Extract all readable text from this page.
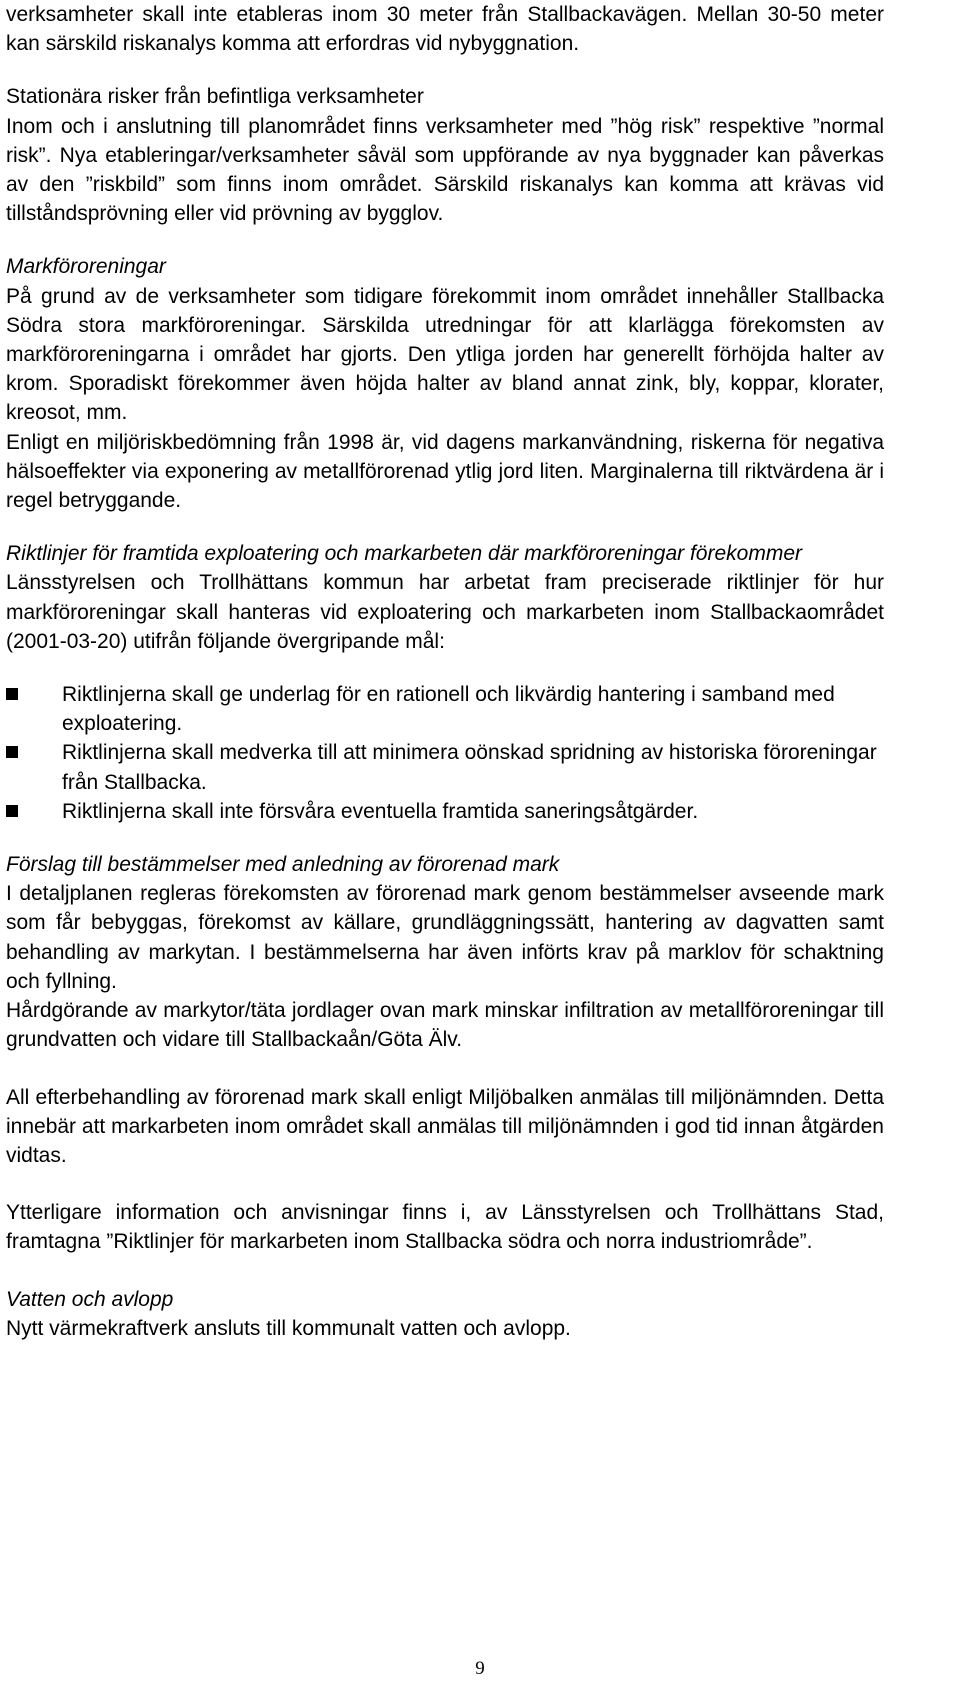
verksamheter skall inte etableras inom 30 meter från Stallbackavägen. Mellan 30-50 meter kan särskild riskanalys komma att erfordras vid nybyggnation.

Stationära risker från befintliga verksamheter

Inom och i anslutning till planområdet finns verksamheter med ”hög risk” respektive ”normal risk”. Nya etableringar/verksamheter såväl som uppförande av nya byggnader kan påverkas av den ”riskbild” som finns inom området. Särskild riskanalys kan komma att krävas vid tillståndsprövning eller vid prövning av bygglov.

Markföroreningar

På grund av de verksamheter som tidigare förekommit inom området innehåller Stallbacka Södra stora markföroreningar. Särskilda utredningar för att klarlägga förekomsten av markföroreningarna i området har gjorts. Den ytliga jorden har generellt förhöjda halter av krom. Sporadiskt förekommer även höjda halter av bland annat zink, bly, koppar, klorater, kreosot, mm.

Enligt en miljöriskbedömning från 1998 är, vid dagens markanvändning, riskerna för negativa hälsoeffekter via exponering av metallförorenad ytlig jord liten. Marginalerna till riktvärdena är i regel betryggande.

Riktlinjer för framtida exploatering och markarbeten där markföroreningar förekommer

Länsstyrelsen och Trollhättans kommun har arbetat fram preciserade riktlinjer för hur markföroreningar skall hanteras vid exploatering och markarbeten inom Stallbackaområdet (2001-03-20) utifrån följande övergripande mål:

Riktlinjerna skall ge underlag för en rationell och likvärdig hantering i samband med exploatering.
Riktlinjerna skall medverka till att minimera oönskad spridning av historiska föroreningar från Stallbacka.
Riktlinjerna skall inte försvåra eventuella framtida saneringsåtgärder.

Förslag till bestämmelser med anledning av förorenad mark

I detaljplanen regleras förekomsten av förorenad mark genom bestämmelser avseende mark som får bebyggas, förekomst av källare, grundläggningssätt, hantering av dagvatten samt behandling av markytan. I bestämmelserna har även införts krav på marklov för schaktning och fyllning.

Hårdgörande av markytor/täta jordlager ovan mark minskar infiltration av metallföroreningar till grundvatten och vidare till Stallbackaån/Göta Älv.

All efterbehandling av förorenad mark skall enligt Miljöbalken anmälas till miljönämnden. Detta innebär att markarbeten inom området skall anmälas till miljönämnden i god tid innan åtgärden vidtas.

Ytterligare information och anvisningar finns i, av Länsstyrelsen och Trollhättans Stad, framtagna ”Riktlinjer för markarbeten inom Stallbacka södra och norra industriområde”.

Vatten och avlopp

Nytt värmekraftverk ansluts till kommunalt vatten och avlopp.

9
